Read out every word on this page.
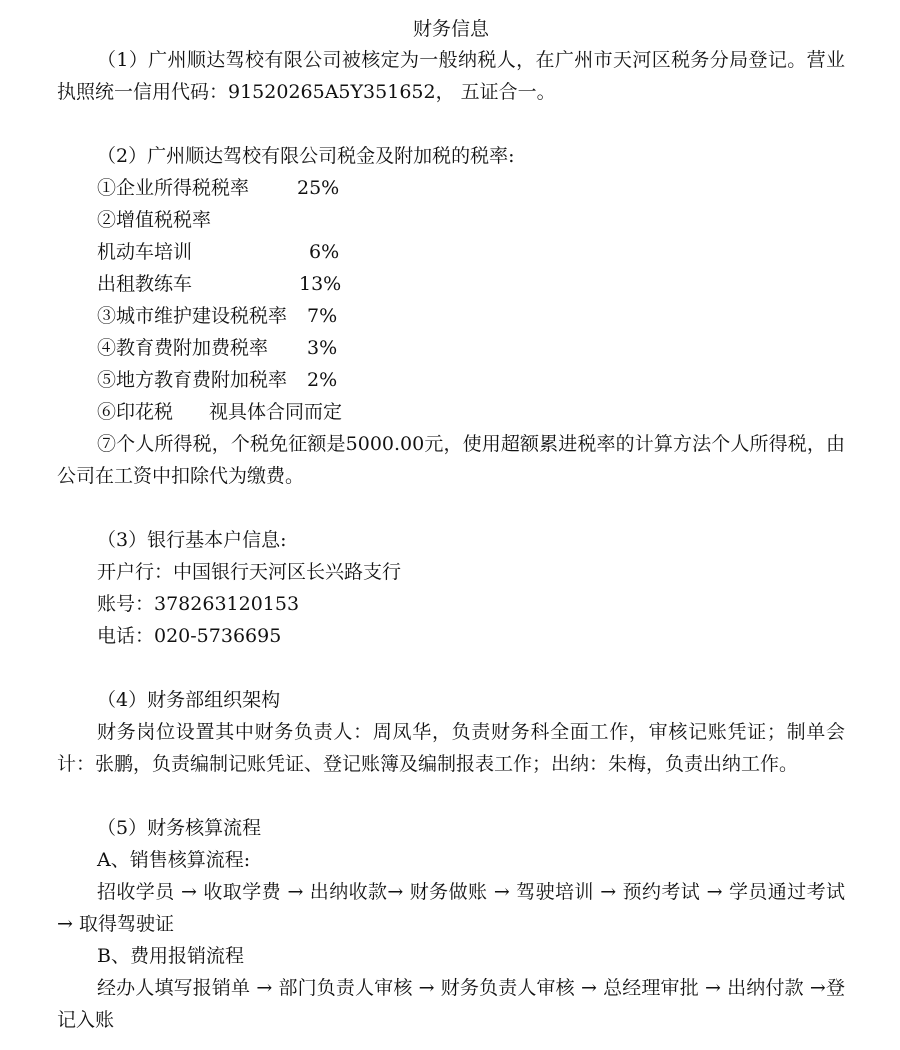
财务信息

（1）广州顺达驾校有限公司被核定为一般纳税人，在广州市天河区税务分局登记。营业执照统一信用代码：91520265A5Y351652， 五证合一。

（2）广州顺达驾校有限公司税金及附加税的税率:

①企业所得税税率	25%
②增值税税率
机动车培训	6%
出租教练车	13%
③城市维护建设税税率	7%
④教育费附加费税率	3%
⑤地方教育费附加税率	2%
⑥印花税	视具体合同而定

⑦个人所得税，个税免征额是5000.00元，使用超额累进税率的计算方法个人所得税，由公司在工资中扣除代为缴费。

（3）银行基本户信息:

开户行：中国银行天河区长兴路支行

账号：378263120153

电话：020-5736695

（4）财务部组织架构

财务岗位设置其中财务负责人：周凤华，负责财务科全面工作，审核记账凭证；制单会计：张鹏，负责编制记账凭证、登记账簿及编制报表工作；出纳：朱梅，负责出纳工作。

（5）财务核算流程

A、销售核算流程:

招收学员 → 收取学费 → 出纳收款→ 财务做账 → 驾驶培训 → 预约考试 → 学员通过考试 → 取得驾驶证

B、费用报销流程

经办人填写报销单 → 部门负责人审核 → 财务负责人审核 → 总经理审批 → 出纳付款 →登记入账
